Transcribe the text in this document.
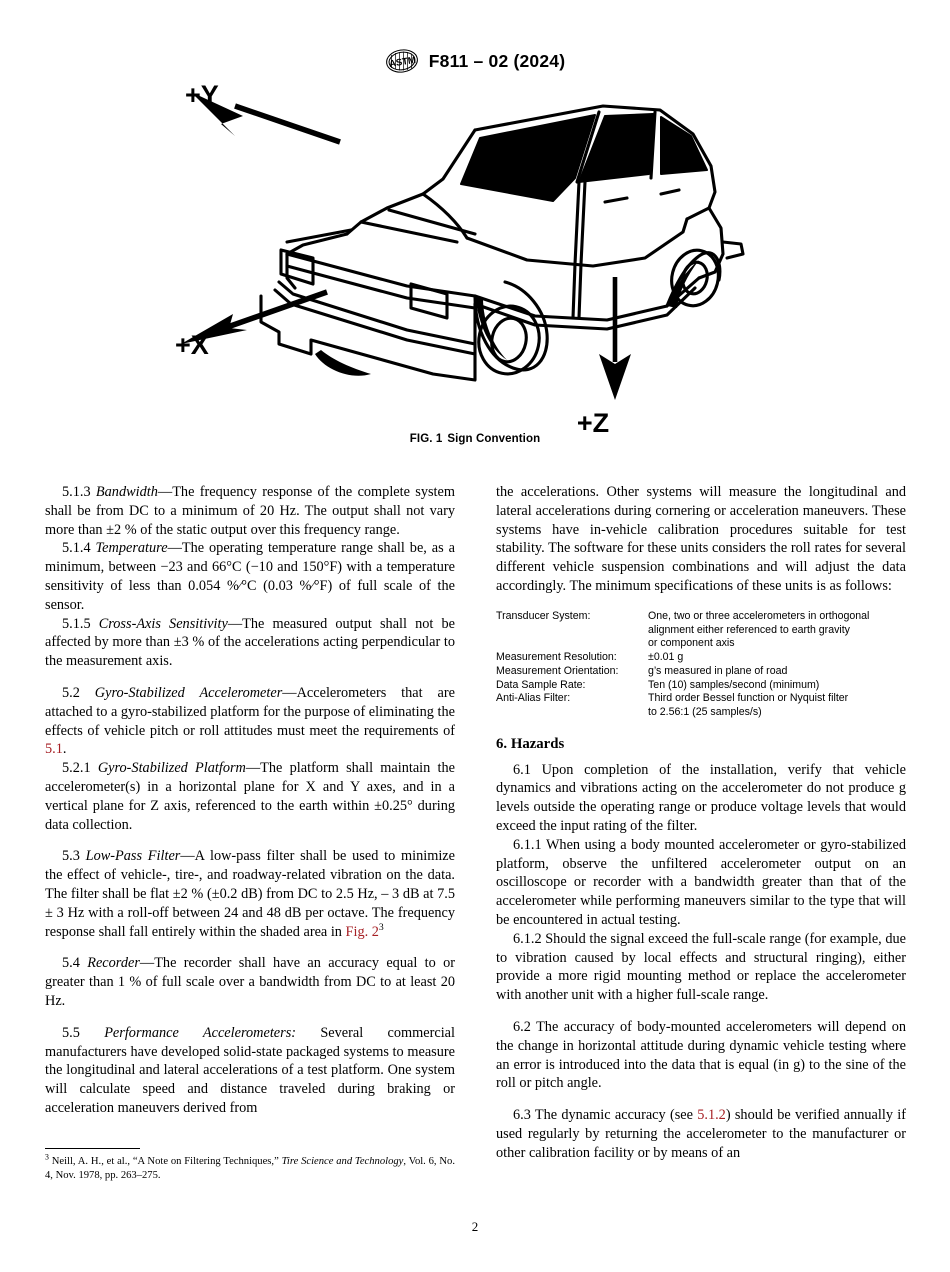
ASTM F811 – 02 (2024)
+Y
+X
+Z
FIG. 1 Sign Convention

5.1.3 Bandwidth—The frequency response of the complete system shall be from DC to a minimum of 20 Hz. The output shall not vary more than ±2 % of the static output over this frequency range.

5.1.4 Temperature—The operating temperature range shall be, as a minimum, between −23 and 66°C (−10 and 150°F) with a temperature sensitivity of less than 0.054 %⁄°C (0.03 %⁄°F) of full scale of the sensor.

5.1.5 Cross-Axis Sensitivity—The measured output shall not be affected by more than ±3 % of the accelerations acting perpendicular to the measurement axis.

5.2 Gyro-Stabilized Accelerometer—Accelerometers that are attached to a gyro-stabilized platform for the purpose of eliminating the effects of vehicle pitch or roll attitudes must meet the requirements of 5.1.

5.2.1 Gyro-Stabilized Platform—The platform shall maintain the accelerometer(s) in a horizontal plane for X and Y axes, and in a vertical plane for Z axis, referenced to the earth within ±0.25° during data collection.

5.3 Low-Pass Filter—A low-pass filter shall be used to minimize the effect of vehicle-, tire-, and roadway-related vibration on the data. The filter shall be flat ±2 % (±0.2 dB) from DC to 2.5 Hz, – 3 dB at 7.5 ± 3 Hz with a roll-off between 24 and 48 dB per octave. The frequency response shall fall entirely within the shaded area in Fig. $2^3$

5.4 Recorder—The recorder shall have an accuracy equal to or greater than 1 % of full scale over a bandwidth from DC to at least 20 Hz.

5.5 Performance Accelerometers: Several commercial manufacturers have developed solid-state packaged systems to measure the longitudinal and lateral accelerations of a test platform. One system will calculate speed and distance traveled during braking or acceleration maneuvers derived from

the accelerations. Other systems will measure the longitudinal and lateral accelerations during cornering or acceleration maneuvers. These systems have in-vehicle calibration procedures suitable for test stability. The software for these units considers the roll rates for several different vehicle suspension combinations and will adjust the data accordingly. The minimum specifications of these units is as follows:

Transducer System:	One, two or three accelerometers in orthogonal
alignment either referenced to earth gravity
or component axis

Measurement Resolution:	±0.01 g

Measurement Orientation:	g’s measured in plane of road

Data Sample Rate:	Ten (10) samples/second (minimum)

Anti-Alias Filter:	Third order Bessel function or Nyquist filter
to 2.56:1 (25 samples/s)
6. Hazards

6.1 Upon completion of the installation, verify that vehicle dynamics and vibrations acting on the accelerometer do not produce g levels outside the operating range or produce voltage levels that would exceed the input rating of the filter.

6.1.1 When using a body mounted accelerometer or gyro-stabilized platform, observe the unfiltered accelerometer output on an oscilloscope or recorder with a bandwidth greater than that of the accelerometer while performing maneuvers similar to the type that will be encountered in actual testing.

6.1.2 Should the signal exceed the full-scale range (for example, due to vibration caused by local effects and structural ringing), either provide a more rigid mounting method or replace the accelerometer with another unit with a higher full-scale range.

6.2 The accuracy of body-mounted accelerometers will depend on the change in horizontal attitude during dynamic vehicle testing where an error is introduced into the data that is equal (in g) to the sine of the roll or pitch angle.

6.3 The dynamic accuracy (see 5.1.2) should be verified annually if used regularly by returning the accelerometer to the manufacturer or other calibration facility or by means of an

$^3$ Neill, A. H., et al., “A Note on Filtering Techniques,” Tire Science and Technology, Vol. 6, No. 4, Nov. 1978, pp. 263–275.

2
